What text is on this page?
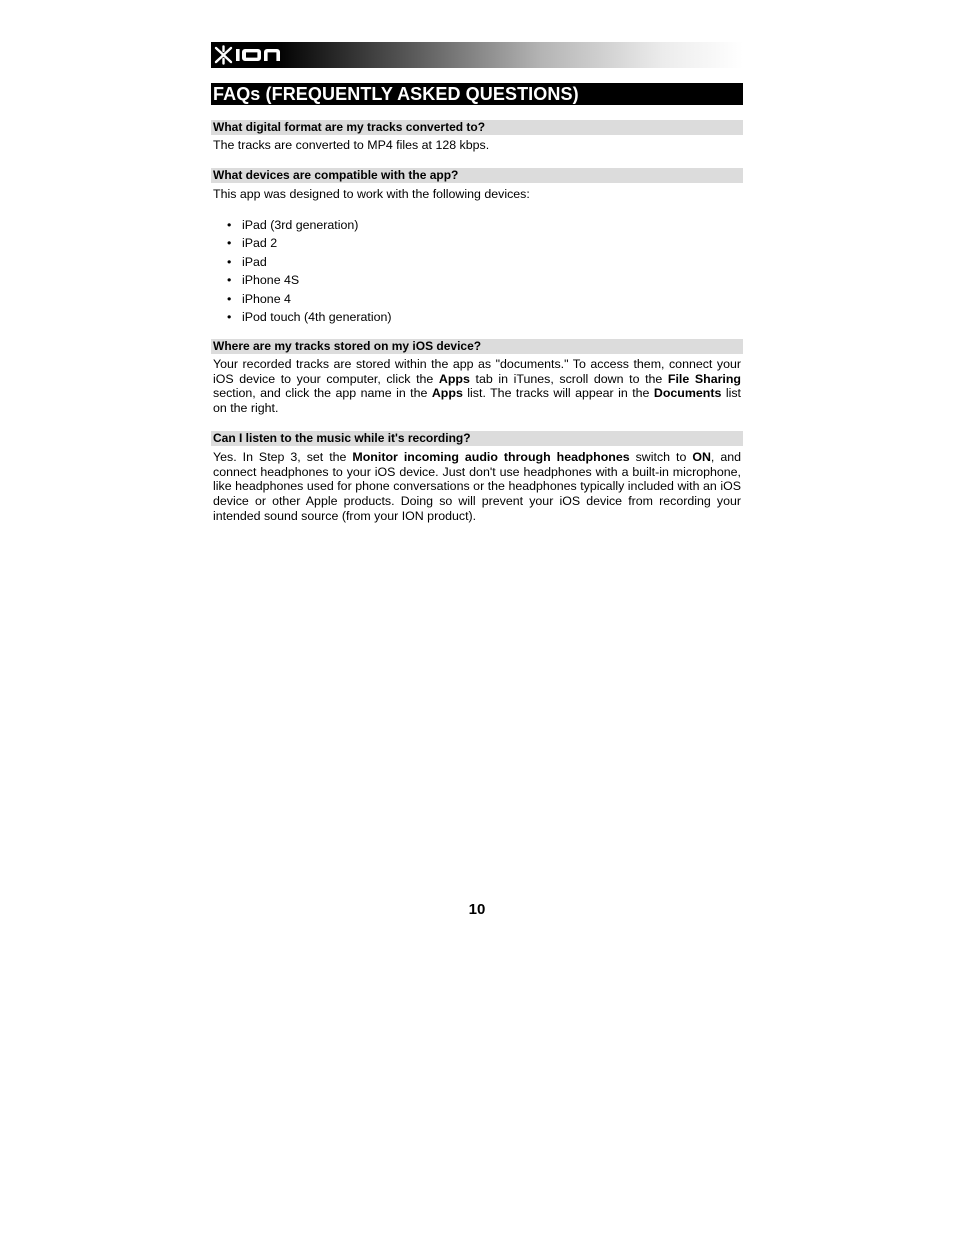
FAQs (FREQUENTLY ASKED QUESTIONS)
What digital format are my tracks converted to?

The tracks are converted to MP4 files at 128 kbps.

What devices are compatible with the app?

This app was designed to work with the following devices:

• iPad (3rd generation)
• iPad 2
• iPad
• iPhone 4S
• iPhone 4
• iPod touch (4th generation)
Where are my tracks stored on my iOS device?

Your recorded tracks are stored within the app as "documents." To access them, connect your iOS device to your computer, click the Apps tab in iTunes, scroll down to the File Sharing section, and click the app name in the Apps list. The tracks will appear in the Documents list on the right.

Can I listen to the music while it's recording?

Yes. In Step 3, set the Monitor incoming audio through headphones switch to ON, and connect headphones to your iOS device. Just don't use headphones with a built-in microphone, like headphones used for phone conversations or the headphones typically included with an iOS device or other Apple products. Doing so will prevent your iOS device from recording your intended sound source (from your ION product).

10
